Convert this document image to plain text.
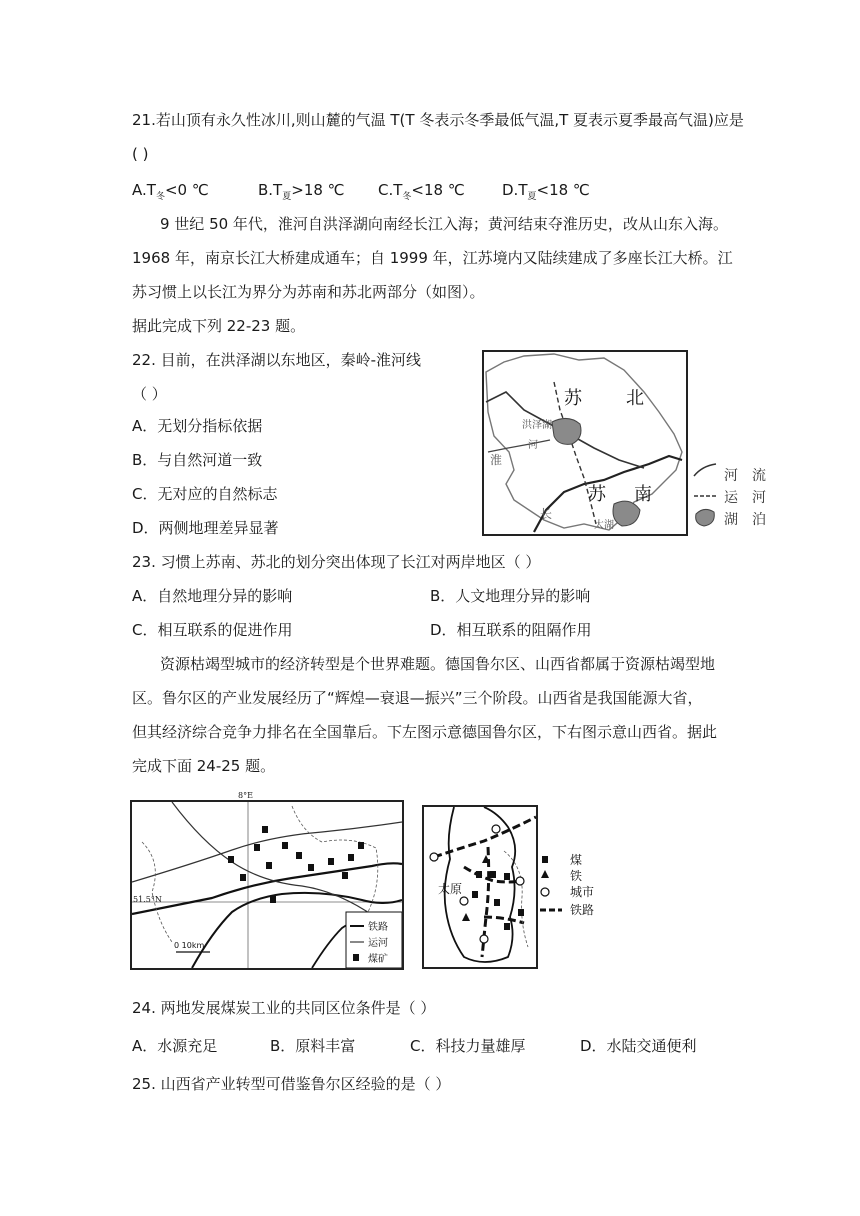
21.若山顶有永久性冰川,则山麓的气温 T(T 冬表示冬季最低气温,T 夏表示夏季最高气温)应是
( )
$A.T_冬<0$ ℃	$B.T_夏>18$ ℃ $C.T_冬<18$ ℃ $D.T_夏<18$ ℃
9 世纪 50 年代，淮河自洪泽湖向南经长江入海；黄河结束夺淮历史，改从山东入海。
1968 年，南京长江大桥建成通车；自 1999 年，江苏境内又陆续建成了多座长江大桥。江
苏习惯上以长江为界分为苏南和苏北两部分（如图）。
据此完成下列 22-23 题。
22. 目前，在洪泽湖以东地区，秦岭-淮河线
（ ）
A．无划分指标依据
B．与自然河道一致
C．无对应的自然标志
D．两侧地理差异显著
苏 北
苏 南
洪泽湖
淮
河
长
太湖
河 流
运 河
湖 泊
23. 习惯上苏南、苏北的划分突出体现了长江对两岸地区（ ）
A．自然地理分异的影响	B．人文地理分异的影响
C．相互联系的促进作用	D．相互联系的阻隔作用
资源枯竭型城市的经济转型是个世界难题。德国鲁尔区、山西省都属于资源枯竭型地
区。鲁尔区的产业发展经历了“辉煌—衰退—振兴”三个阶段。山西省是我国能源大省，
但其经济综合竞争力排名在全国靠后。下左图示意德国鲁尔区，下右图示意山西省。据此
完成下面 24-25 题。
0 10km
铁路
运河
煤矿
8°E
51.5°N
太原
煤
铁
城市
铁路
24. 两地发展煤炭工业的共同区位条件是（ ）
A．水源充足	B．原料丰富	C．科技力量雄厚	D．水陆交通便利
25. 山西省产业转型可借鉴鲁尔区经验的是（ ）
